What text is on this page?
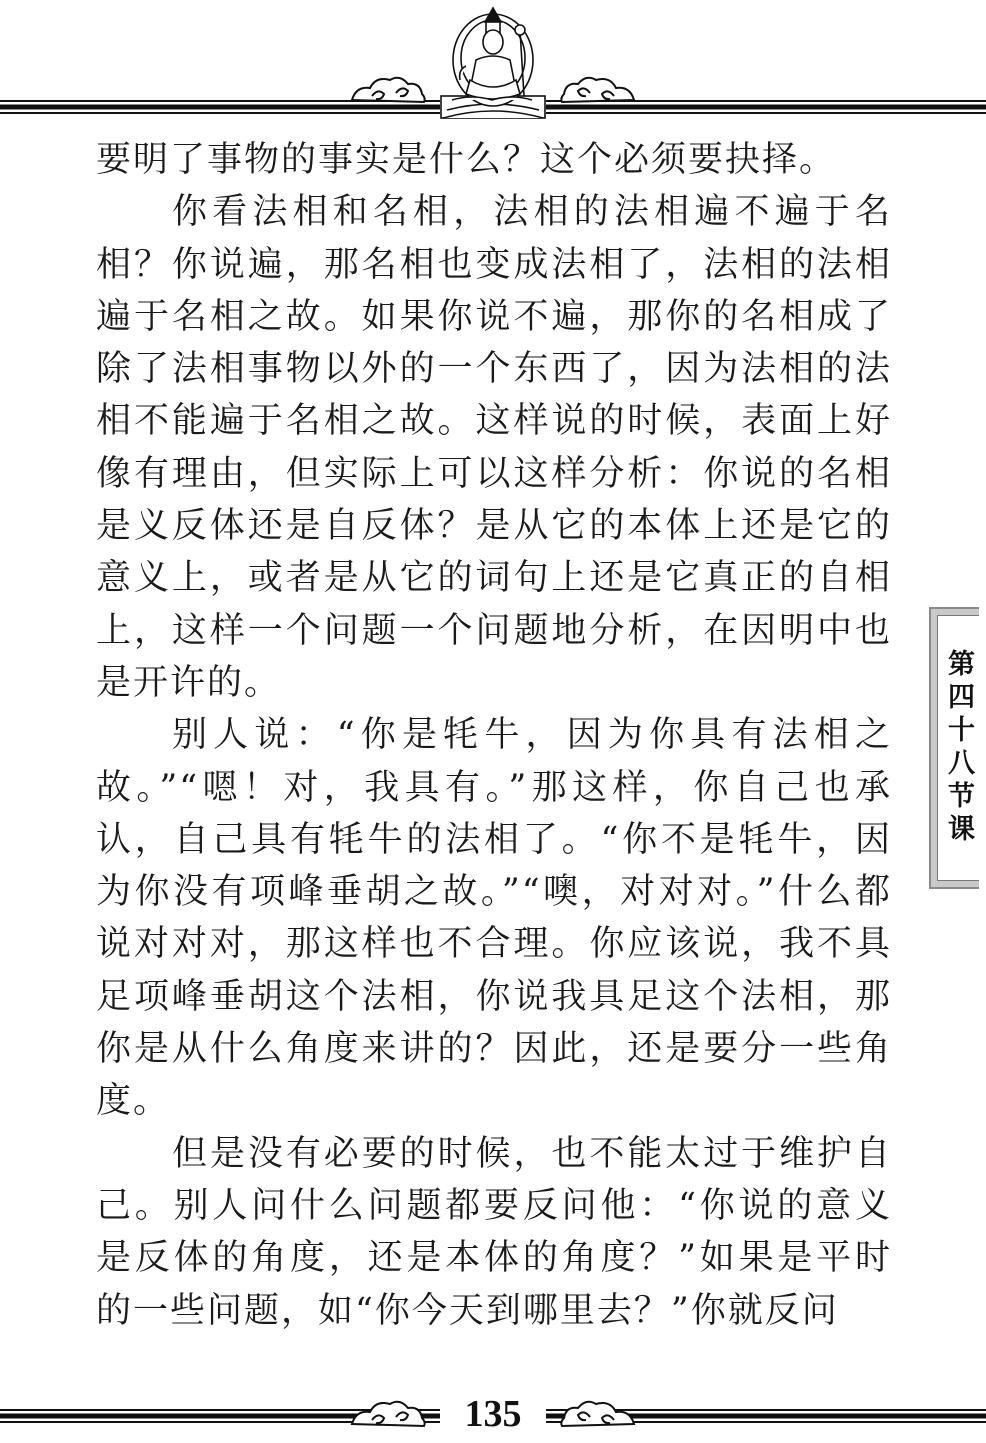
要明了事物的事实是什么？这个必须要抉择。

你看法相和名相，法相的法相遍不遍于名相？你说遍，那名相也变成法相了，法相的法相遍于名相之故。如果你说不遍，那你的名相成了除了法相事物以外的一个东西了，因为法相的法相不能遍于名相之故。这样说的时候，表面上好像有理由，但实际上可以这样分析：你说的名相是义反体还是自反体？是从它的本体上还是它的意义上，或者是从它的词句上还是它真正的自相上，这样一个问题一个问题地分析，在因明中也是开许的。

别人说：“你是牦牛，因为你具有法相之故。”“嗯！对，我具有。”那这样，你自己也承认，自己具有牦牛的法相了。“你不是牦牛，因为你没有项峰垂胡之故。”“噢，对对对。”什么都说对对对，那这样也不合理。你应该说，我不具足项峰垂胡这个法相，你说我具足这个法相，那你是从什么角度来讲的？因此，还是要分一些角度。

但是没有必要的时候，也不能太过于维护自己。别人问什么问题都要反问他：“你说的意义是反体的角度，还是本体的角度？”如果是平时的一些问题，如“你今天到哪里去？”你就反问

第四十八节课
135
